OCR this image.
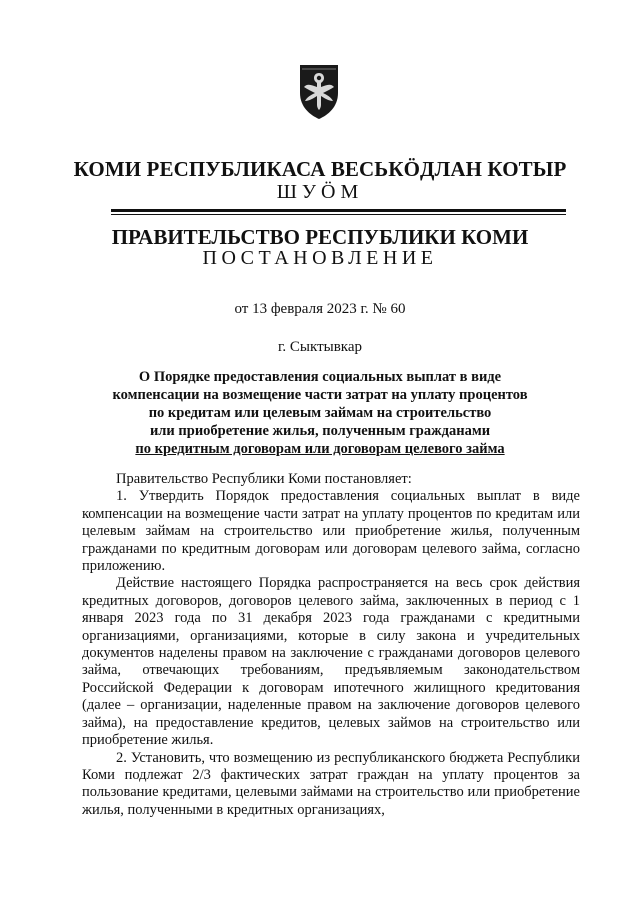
КОМИ РЕСПУБЛИКАСА ВЕСЬКӦДЛАН КОТЫР
ШУӦМ
ПРАВИТЕЛЬСТВО РЕСПУБЛИКИ КОМИ
ПОСТАНОВЛЕНИЕ
от 13 февраля 2023 г. № 60
г. Сыктывкар
О Порядке предоставления социальных выплат в виде
компенсации на возмещение части затрат на уплату процентов
по кредитам или целевым займам на строительство
или приобретение жилья, полученным гражданами
по кредитным договорам или договорам целевого займа

Правительство Республики Коми постановляет:

1. Утвердить Порядок предоставления социальных выплат в виде компенсации на возмещение части затрат на уплату процентов по кредитам или целевым займам на строительство или приобретение жилья, полученным гражданами по кредитным договорам или договорам целевого займа, согласно приложению.

Действие настоящего Порядка распространяется на весь срок действия кредитных договоров, договоров целевого займа, заключенных в период с 1 января 2023 года по 31 декабря 2023 года гражданами с кредитными организациями, организациями, которые в силу закона и учредительных документов наделены правом на заключение с гражданами договоров целевого займа, отвечающих требованиям, предъявляемым законодательством Российской Федерации к договорам ипотечного жилищного кредитования (далее – организации, наделенные правом на заключение договоров целевого займа), на предоставление кредитов, целевых займов на строительство или приобретение жилья.

2. Установить, что возмещению из республиканского бюджета Республики Коми подлежат 2/3 фактических затрат граждан на уплату процентов за пользование кредитами, целевыми займами на строительство или приобретение жилья, полученными в кредитных организациях,
